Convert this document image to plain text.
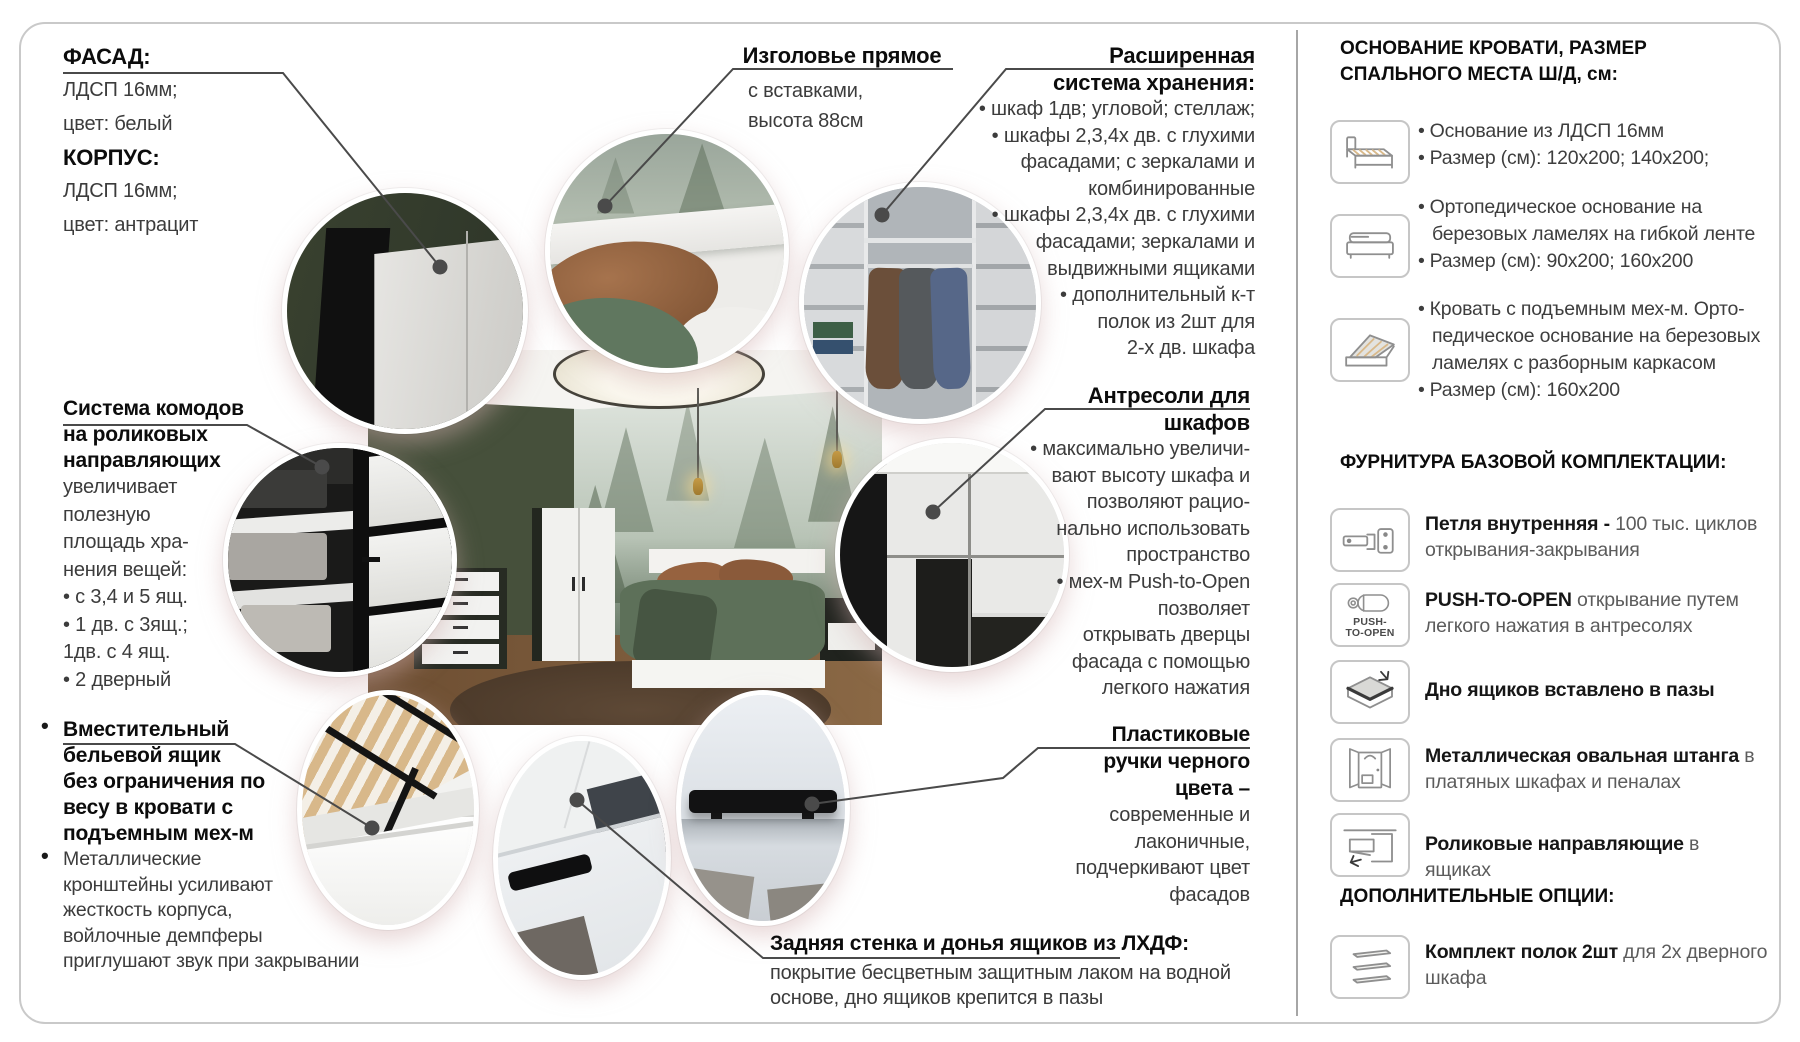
ФАСАД:
ЛДСП 16мм;
цвет: белый
КОРПУС:
ЛДСП 16мм;
цвет: антрацит
Изголовье прямое
с вставками,
высота 88см
Расширенная
система хранения:
• шкаф 1дв; угловой; стеллаж;
• шкафы 2,3,4х дв. с глухими
фасадами; с зеркалами и
комбинированные
• шкафы 2,3,4х дв. с глухими
фасадами; зеркалами и
выдвижными ящиками
• дополнительный к-т
полок из 2шт для
2-х дв. шкафа
Антресоли для
шкафов
• максимально увеличи-
вают высоту шкафа и
позволяют рацио-
нально использовать
пространство
• мех-м Push-to-Open
позволяет
открывать дверцы
фасада с помощью
легкого нажатия
Система комодов
на роликовых
направляющих
увеличивает
полезную
площадь хра-
нения вещей:
• с 3,4 и 5 ящ.
• 1 дв. с 3ящ.;
1дв. с 4 ящ.
• 2 дверный
•
•
Вместительный
бельевой ящик
без ограничения по
весу в кровати с
подъемным мех-м
Металлические
кронштейны усиливают
жесткость корпуса,
войлочные демпферы
приглушают звук при закрывании
Пластиковые
ручки черного
цвета –
современные и
лаконичные,
подчеркивают цвет
фасадов
Задняя стенка и донья ящиков из ЛХДФ:
покрытие бесцветным защитным лаком на водной
основе, дно ящиков крепится в пазы
ОСНОВАНИЕ КРОВАТИ, РАЗМЕР
СПАЛЬНОГО МЕСТА Ш/Д, см:
• Основание из ЛДСП 16мм
• Размер (см): 120х200; 140х200;
• Ортопедическое основание на березовых ламелях на гибкой ленте
• Размер (см): 90х200; 160х200
• Кровать с подъемным мех-м. Орто-педическое основание на березовых ламелях с разборным каркасом
• Размер (см): 160х200
ФУРНИТУРА БАЗОВОЙ КОМПЛЕКТАЦИИ:
Петля внутренняя - 100 тыс. циклов открывания-закрывания
PUSH-
TO-OPEN
PUSH-TO-OPEN открывание путем легкого нажатия в антресолях
Дно ящиков вставлено в пазы
Металлическая овальная штанга в платяных шкафах и пеналах
Роликовые направляющие в ящиках
ДОПОЛНИТЕЛЬНЫЕ ОПЦИИ:
Комплект полок 2шт для 2х дверного шкафа
